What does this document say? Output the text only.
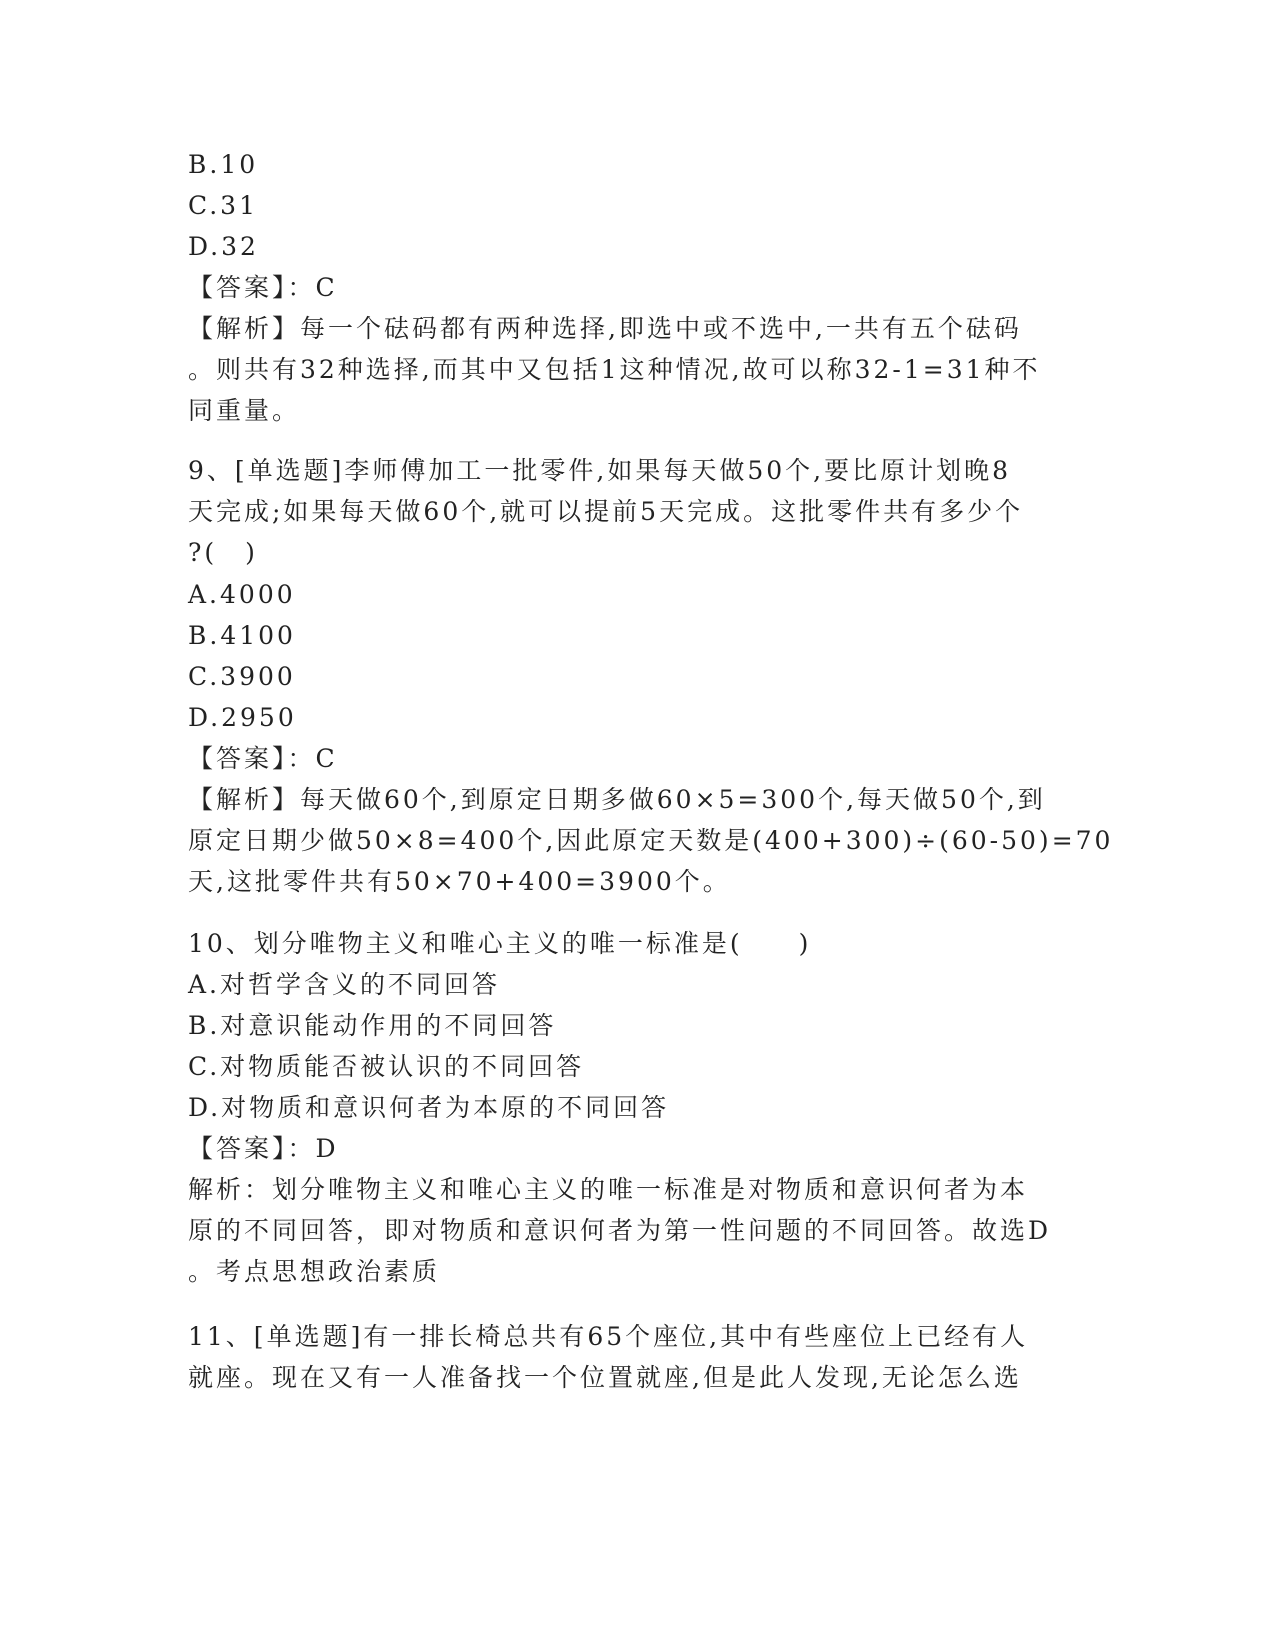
B.10
C.31
D.32
【答案】：C
【解析】每一个砝码都有两种选择,即选中或不选中,一共有五个砝码
。则共有32种选择,而其中又包括1这种情况,故可以称32-1=31种不
同重量。
9、[单选题]李师傅加工一批零件,如果每天做50个,要比原计划晚8
天完成;如果每天做60个,就可以提前5天完成。这批零件共有多少个
?(　)
A.4000
B.4100
C.3900
D.2950
【答案】：C
【解析】每天做60个,到原定日期多做60×5=300个,每天做50个,到
原定日期少做50×8=400个,因此原定天数是(400+300)÷(60-50)=70
天,这批零件共有50×70+400=3900个。
10、划分唯物主义和唯心主义的唯一标准是(　　)
A.对哲学含义的不同回答
B.对意识能动作用的不同回答
C.对物质能否被认识的不同回答
D.对物质和意识何者为本原的不同回答
【答案】：D
解析：划分唯物主义和唯心主义的唯一标准是对物质和意识何者为本
原的不同回答，即对物质和意识何者为第一性问题的不同回答。故选D
。考点思想政治素质
11、[单选题]有一排长椅总共有65个座位,其中有些座位上已经有人
就座。现在又有一人准备找一个位置就座,但是此人发现,无论怎么选
